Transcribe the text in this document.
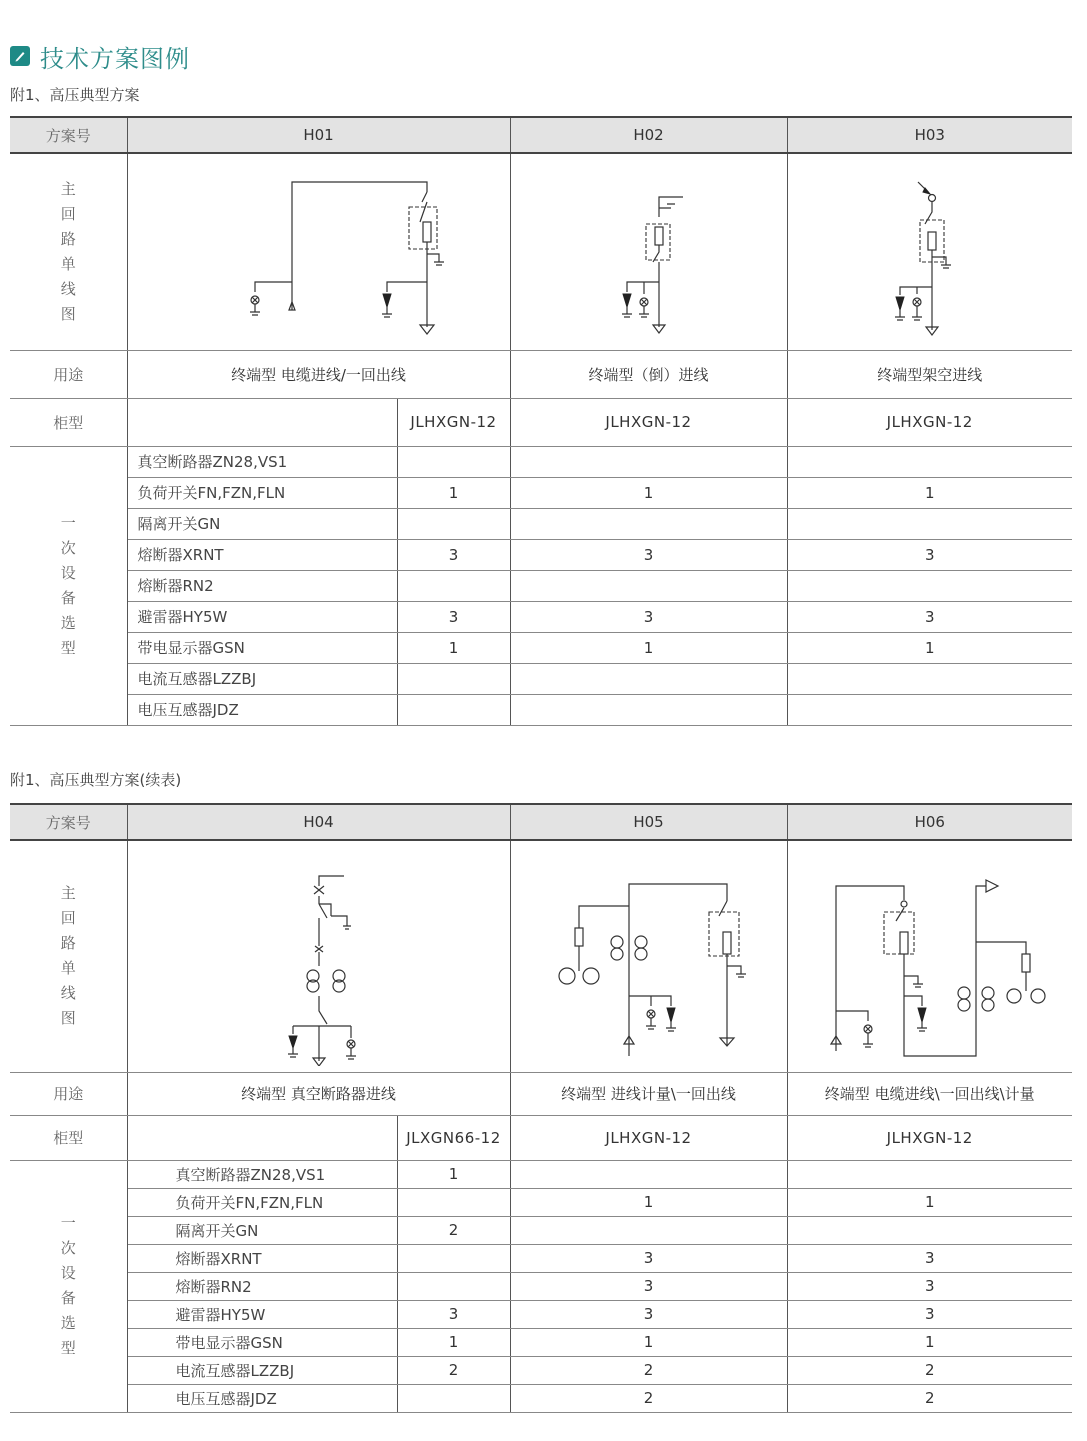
技术方案图例
附1、高压典型方案
方案号	H01		H02	H03
主回路单线图	

用途	终端型 电缆进线/一回出线		终端型（倒）进线	终端型架空进线
柜型		JLHXGN-12	JLHXGN-12	JLHXGN-12
一次设备选型	真空断路器ZN28,VS1			
	负荷开关FN,FZN,FLN	1	1	1
	隔离开关GN			
	熔断器XRNT	3	3	3
	熔断器RN2			
	避雷器HY5W	3	3	3
	带电显示器GSN	1	1	1
	电流互感器LZZBJ			
	电压互感器JDZ			
附1、高压典型方案(续表)
方案号	H04		H05	H06
主回路单线图	

用途	终端型 真空断路器进线		终端型 进线计量\一回出线	终端型 电缆进线\一回出线\计量
柜型		JLXGN66-12	JLHXGN-12	JLHXGN-12
一次设备选型	真空断路器ZN28,VS1	1		
	负荷开关FN,FZN,FLN		1	1
	隔离开关GN	2		
	熔断器XRNT		3	3
	熔断器RN2		3	3
	避雷器HY5W	3	3	3
	带电显示器GSN	1	1	1
	电流互感器LZZBJ	2	2	2
	电压互感器JDZ		2	2
